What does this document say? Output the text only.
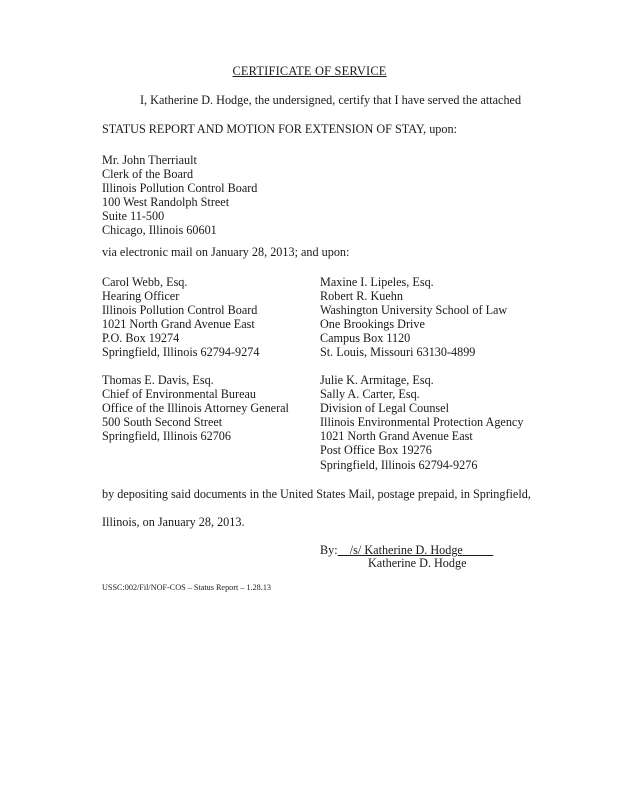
CERTIFICATE OF SERVICE
I, Katherine D. Hodge, the undersigned, certify that I have served the attached
STATUS REPORT AND MOTION FOR EXTENSION OF STAY, upon:
Mr. John Therriault
Clerk of the Board
Illinois Pollution Control Board
100 West Randolph Street
Suite 11-500
Chicago, Illinois 60601
via electronic mail on January 28, 2013; and upon:
Carol Webb, Esq.
Hearing Officer
Illinois Pollution Control Board
1021 North Grand Avenue East
P.O. Box 19274
Springfield, Illinois 62794-9274
Maxine I. Lipeles, Esq.
Robert R. Kuehn
Washington University School of Law
One Brookings Drive
Campus Box 1120
St. Louis, Missouri 63130-4899
Thomas E. Davis, Esq.
Chief of Environmental Bureau
Office of the Illinois Attorney General
500 South Second Street
Springfield, Illinois 62706
Julie K. Armitage, Esq.
Sally A. Carter, Esq.
Division of Legal Counsel
Illinois Environmental Protection Agency
1021 North Grand Avenue East
Post Office Box 19276
Springfield, Illinois 62794-9276
by depositing said documents in the United States Mail, postage prepaid, in Springfield,
Illinois, on January 28, 2013.
By: /s/ Katherine D. Hodge
Katherine D. Hodge
USSC:002/Fil/NOF-COS – Status Report – 1.28.13
